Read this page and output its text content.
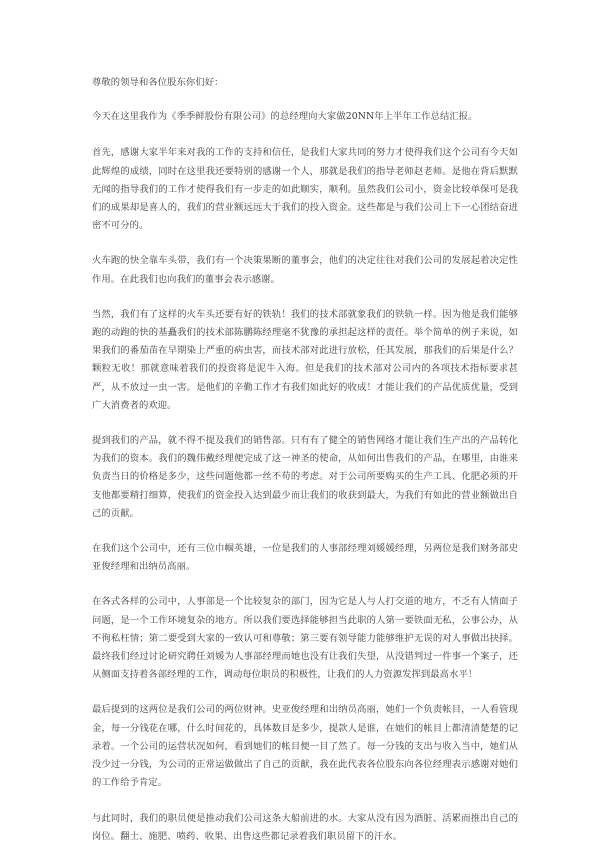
尊敬的领导和各位股东你们好：

今天在这里我作为《季季鲜股份有限公司》的总经理向大家做20NN年上半年工作总结汇报。

首先，感谢大家半年来对我的工作的支持和信任，是我们大家共同的努力才使得我们这个公司有今天如此辉煌的成绩，同时在这里我还要特别的感谢一个人，那就是我们的指导老师赵老师。是他在背后默默无闻的指导我们的工作才使得我们有一步走的如此顺实，顺利。虽然我们公司小，资金比较单保可是我们的成果却是喜人的，我们的营业额远远大于我们的投入资金。这些都是与我们公司上下一心团结奋进密不可分的。

火车跑的快全靠车头带，我们有一个决策果断的董事会，他们的决定往往对我们公司的发展起着决定性作用。在此我们也向我们的董事会表示感谢。

当然，我们有了这样的火车头还要有好的铁轨！我们的技术部就象我们的铁轨一样。因为他是我们能够跑的动跑的快的基矗我们的技术部陈鹏陈经理毫不犹豫的承担起这样的责任。举个简单的例子来说，如果我们的番茄苗在早期染上严重的病虫害，而技术部对此进行放松，任其发展，那我们的后果是什么？颗粒无收！那就意味着我们的投资将是泥牛入海。但是我们的技术部对公司内的各项技术指标要求甚严，从不放过一虫一害。是他们的辛勤工作才有我们如此好的收成！才能让我们的产品优质优量，受到广大消费者的欢迎。

提到我们的产品，就不得不提及我们的销售部。只有有了健全的销售网络才能让我们生产出的产品转化为我们的资本。我们的魏伟戴经理便完成了这一神圣的使命，从如何出售我们的产品，在哪里，由谁来负责当日的价格是多少，这些问题他都一丝不苟的考虑。对于公司所要购买的生产工具、化肥必须的开支他都要精打细算，使我们的资金投入达到最少而让我们的收获到最大，为我们有如此的营业额做出自己的贡献。

在我们这个公司中，还有三位巾帼英雄，一位是我们的人事部经理刘媛媛经理，另两位是我们财务部史亚俊经理和出纳员高丽。

在各式各样的公司中，人事部是一个比较复杂的部门，因为它是人与人打交道的地方，不乏有人情面子问题，是一个工作环境复杂的地方。所以我们要选择能够担当此职的人第一要铁面无私，公事公办，从不徇私枉情；第二要受到大家的一致认可和尊敬；第三要有领导能力能够维护无误的对人事做出抉择。最终我们经过讨论研究聘任刘媛为人事部经理而她也没有让我们失望，从没错判过一件事一个案子，还从侧面支持着各部经理的工作，调动每位职员的积极性，让我们的人力资源发挥到最高水平！

最后提到的这两位是我们公司的两位财神。史亚俊经理和出纳员高丽，她们一个负责帐目，一人看管现金，每一分钱花在哪，什么时间花的，具体数目是多少，提款人是谁，在她们的帐目上都清清楚楚的记录着。一个公司的运营状况如何，看到她们的帐目便一目了然了。每一分钱的支出与收入当中，她们从没少过一分钱，为公司的正常运做做出了自己的贡献，我在此代表各位股东向各位经理表示感谢对她们的工作给予肯定。

与此同时，我们的职员便是推动我们公司这条大船前进的水。大家从没有因为酒脏、活累而推出自己的岗位。翻土、施肥、喷药、收果、出售这些都记录着我们职员留下的汗水。
